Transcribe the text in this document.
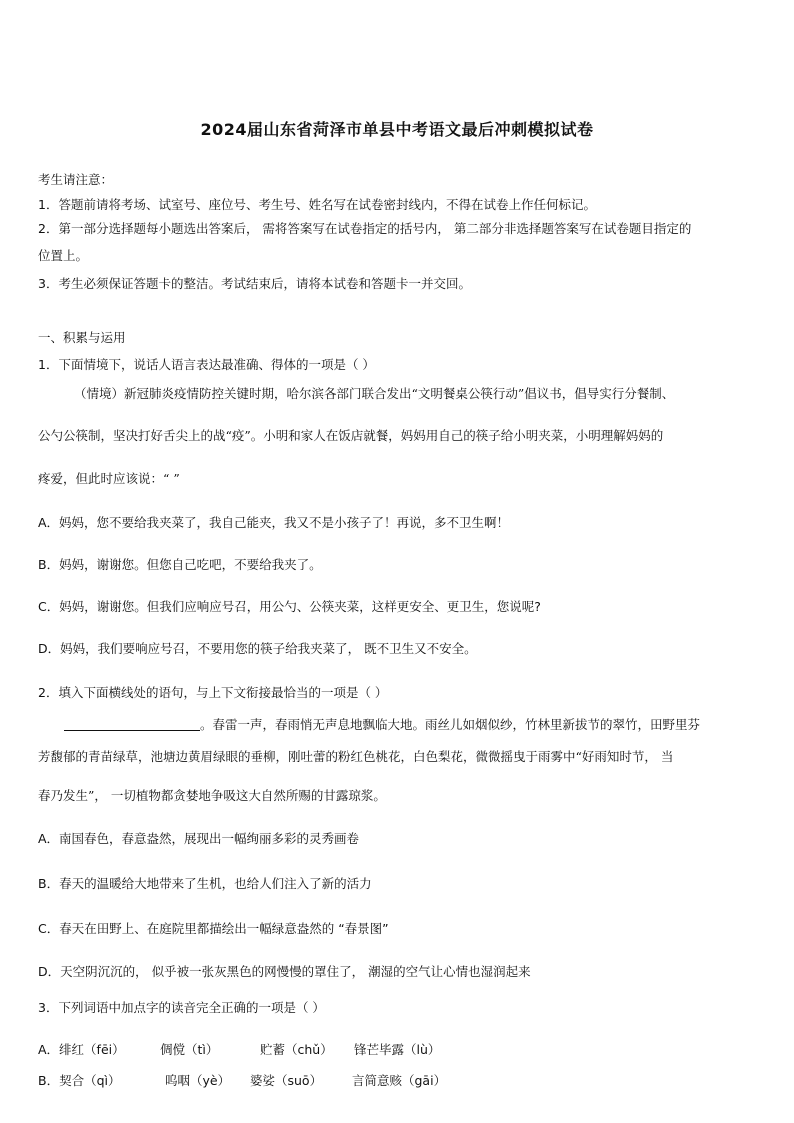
2024届山东省菏泽市单县中考语文最后冲刺模拟试卷
考生请注意：
1．答题前请将考场、试室号、座位号、考生号、姓名写在试卷密封线内，不得在试卷上作任何标记。
2．第一部分选择题每小题选出答案后， 需将答案写在试卷指定的括号内， 第二部分非选择题答案写在试卷题目指定的
位置上。
3．考生必须保证答题卡的整洁。考试结束后，请将本试卷和答题卡一并交回。
一、积累与运用
1．下面情境下，说话人语言表达最准确、得体的一项是（ ）
（情境）新冠肺炎疫情防控关键时期，哈尔滨各部门联合发出“文明餐桌公筷行动”倡议书，倡导实行分餐制、
公勺公筷制，坚决打好舌尖上的战“疫”。小明和家人在饭店就餐，妈妈用自己的筷子给小明夹菜，小明理解妈妈的
疼爱，但此时应该说：“ ”
A．妈妈，您不要给我夹菜了，我自己能夹，我又不是小孩子了！再说，多不卫生啊！
B．妈妈，谢谢您。但您自己吃吧，不要给我夹了。
C．妈妈，谢谢您。但我们应响应号召，用公勺、公筷夹菜，这样更安全、更卫生，您说呢?
D．妈妈，我们要响应号召，不要用您的筷子给我夹菜了， 既不卫生又不安全。
2．填入下面横线处的语句，与上下文衔接最恰当的一项是（ ）
。春雷一声，春雨悄无声息地飘临大地。雨丝儿如烟似纱，竹林里新拔节的翠竹，田野里芬
芳馥郁的青苗绿草，池塘边黄眉绿眼的垂柳，刚吐蕾的粉红色桃花，白色梨花，微微摇曳于雨雾中“好雨知时节， 当
春乃发生”， 一切植物都贪婪地争吸这大自然所赐的甘露琼浆。
A．南国春色，春意盎然，展现出一幅绚丽多彩的灵秀画卷
B．春天的温暖给大地带来了生机，也给人们注入了新的活力
C．春天在田野上、在庭院里都描绘出一幅绿意盎然的 “春景图”
D．天空阴沉沉的， 似乎被一张灰黑色的网慢慢的罩住了， 潮湿的空气让心情也湿润起来
3．下列词语中加点字的读音完全正确的一项是（ ）
A．绯红（fēi）	倜傥（tì）	贮蓄（chǔ） 锋芒毕露（lù）
B．契合（qì）	呜咽（yè） 婆娑（suō） 言简意赅（gāi）
